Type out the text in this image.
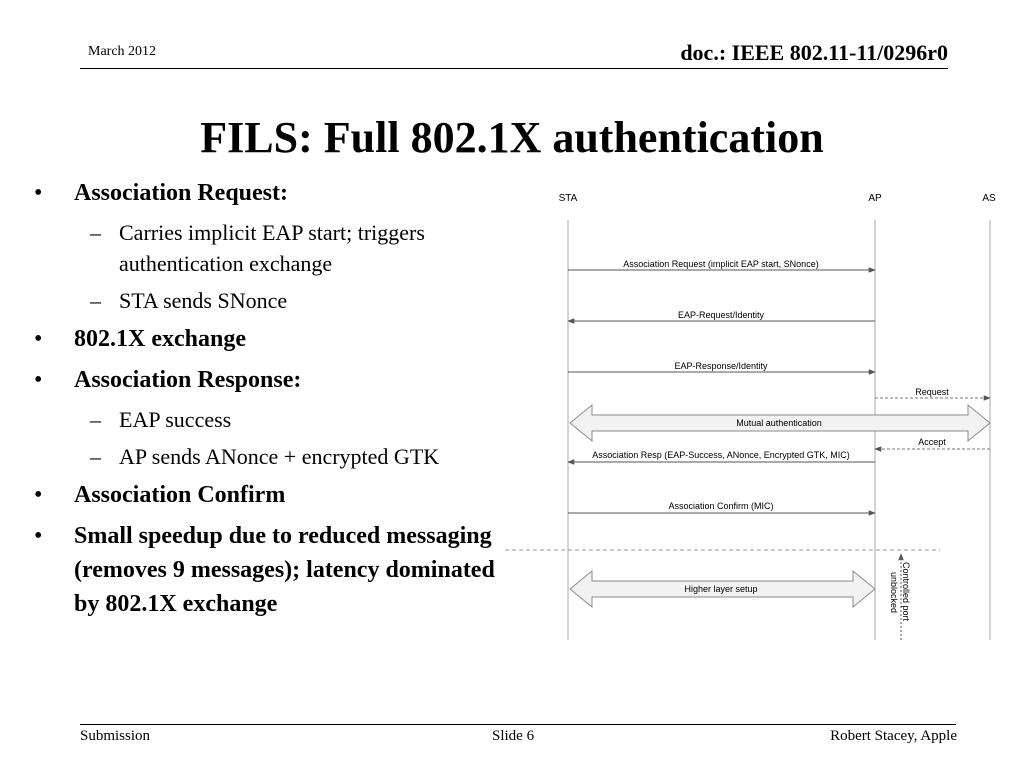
March 2012	doc.: IEEE 802.11-11/0296r0
FILS: Full 802.1X authentication
• Association Request:
– Carries implicit EAP start; triggers authentication exchange
– STA sends SNonce
• 802.1X exchange
• Association Response:
– EAP success
– AP sends ANonce + encrypted GTK
• Association Confirm
• Small speedup due to reduced messaging (removes 9 messages); latency dominated by 802.1X exchange
STA	AP	AS
Association Request (implicit EAP start, SNonce)
EAP-Request/Identity
EAP-Response/Identity
Request
Mutual authentication
Accept
Association Resp (EAP-Success, ANonce, Encrypted GTK, MIC)
Association Confirm (MIC)
Controlled port
unblocked
Higher layer setup
Submission	Slide 6	Robert Stacey, Apple
